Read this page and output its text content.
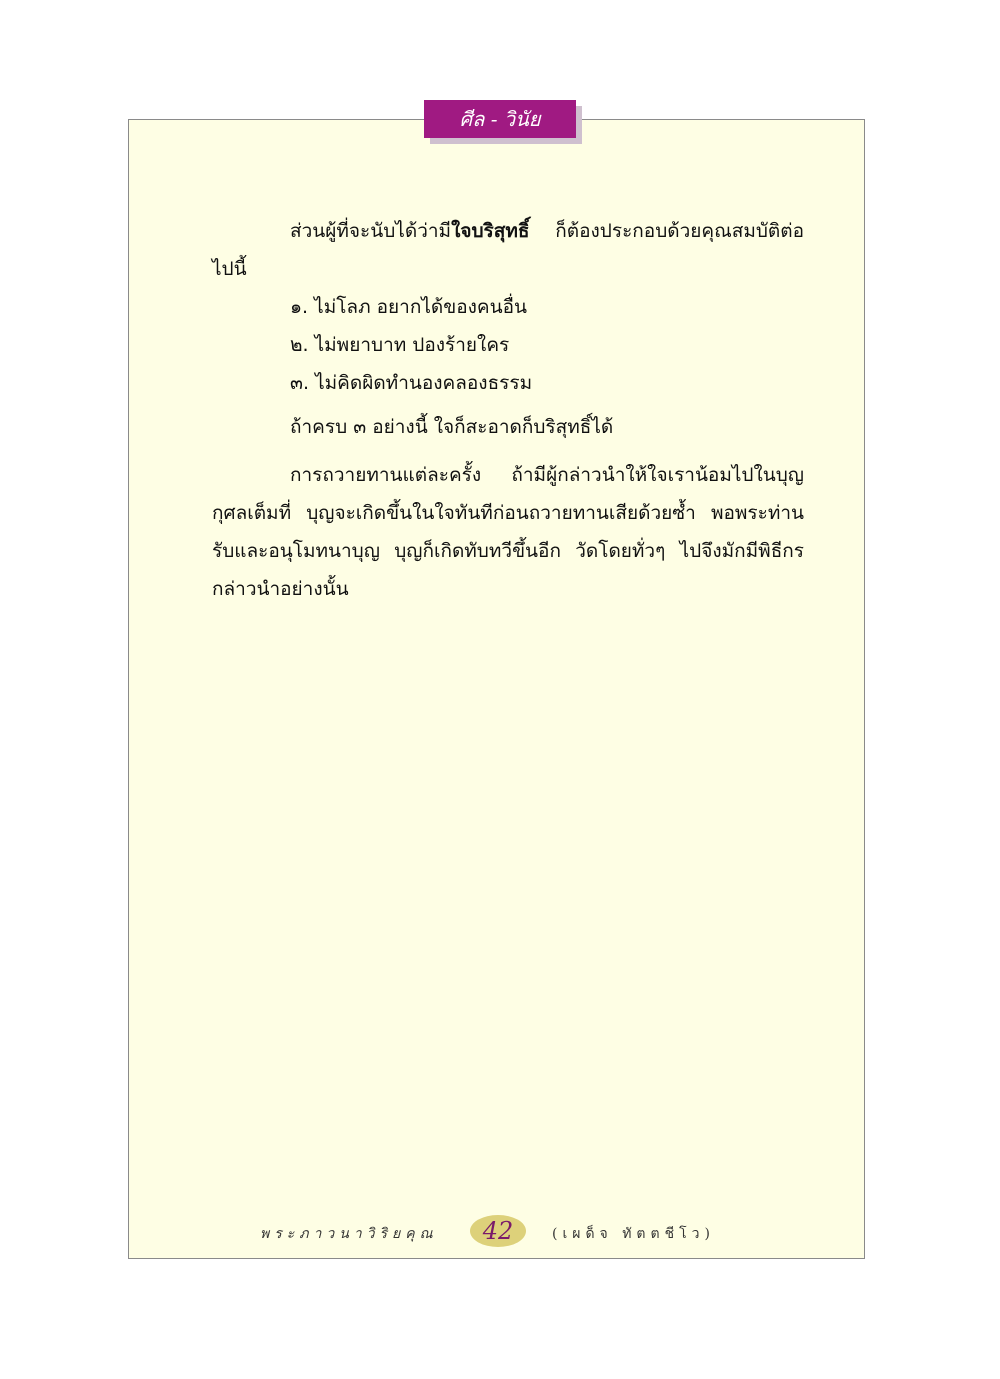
ศีล - วินัย

ส่วนผู้ที่จะนับได้ว่ามีใจบริสุทธิ์ ก็ต้องประกอบด้วยคุณสมบัติต่อไปนี้

๑. ไม่โลภ อยากได้ของคนอื่น

๒. ไม่พยาบาท ปองร้ายใคร

๓. ไม่คิดผิดทำนองคลองธรรม

ถ้าครบ ๓ อย่างนี้ ใจก็สะอาดก็บริสุทธิ์ได้

การถวายทานแต่ละครั้ง ถ้ามีผู้กล่าวนำให้ใจเราน้อมไปในบุญกุศลเต็มที่ บุญจะเกิดขึ้นในใจทันทีก่อนถวายทานเสียด้วยซ้ำ พอพระท่านรับและอนุโมทนาบุญ บุญก็เกิดทับทวีขึ้นอีก วัดโดยทั่วๆ ไปจึงมักมีพิธีกรกล่าวนำอย่างนั้น

พระภาวนาวิริยคุณ	42	(เผด็จ ทัตตชีโว)
